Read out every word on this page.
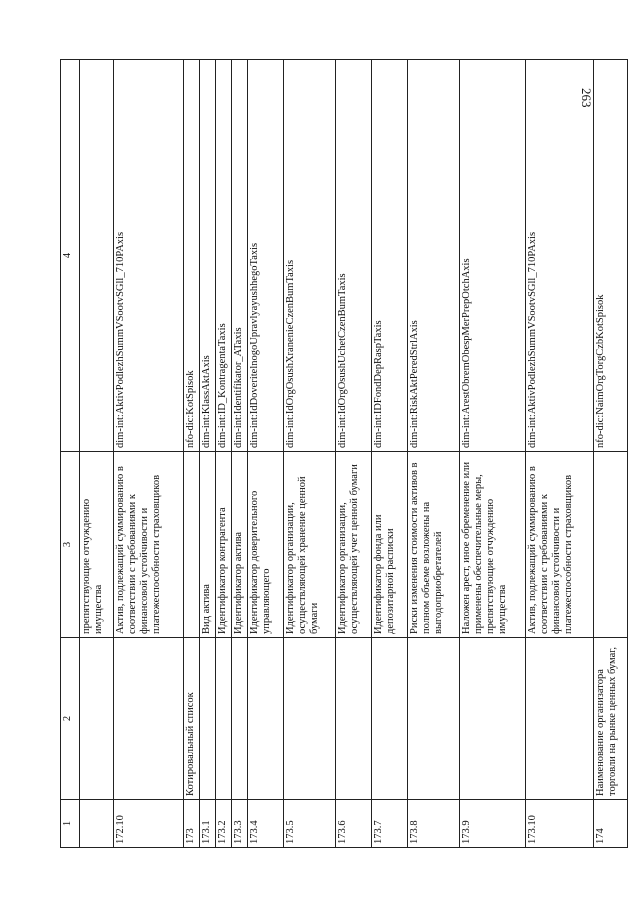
263
1	2	3	4
		препятствующие отчуждению имущества	
172.10		Актив, подлежащий суммированию в соответствии с требованиями к финансовой устойчивости и платежеспособности страховщиков	dim-int:AktivPodlezhSummVSootvSGll_710PAxis
173	Котировальный список		nfo-dic:KotSpisok
173.1		Вид актива	dim-int:KlassAktAxis
173.2		Идентификатор контрагента	dim-int:ID_KontragentaTaxis
173.3		Идентификатор актива	dim-int:Identifikator_ATaxis
173.4		Идентификатор доверительного управляющего	dim-int:IdDoveritelnogoUpravlyayushhegoTaxis
173.5		Идентификатор организации, осуществляющей хранение ценной бумаги	dim-int:IdOrgOsushXranenieCzenBumTaxis
173.6		Идентификатор организации, осуществляющей учет ценной бумаги	dim-int:IdOrgOsushUchetCzenBumTaxis
173.7		Идентификатор фонда или депозитарной расписки	dim-int:IDFondDepRaspTaxis
173.8		Риски изменения стоимости активов в полном объеме возложены на выгодоприобретателей	dim-int:RiskAktPeredStrlAxis
173.9		Наложен арест, иное обременение или применены обеспечительные меры, препятствующие отчуждению имущества	dim-int:ArestObremObespMerPrepOtchAxis
173.10		Актив, подлежащий суммированию в соответствии с требованиями к финансовой устойчивости и платежеспособности страховщиков	dim-int:AktivPodlezhSummVSootvSGll_710PAxis
174	Наименование организатора торговли на рынке ценных бумаг,		nfo-dic:NaimOrgTorgCzbKotSpisok
